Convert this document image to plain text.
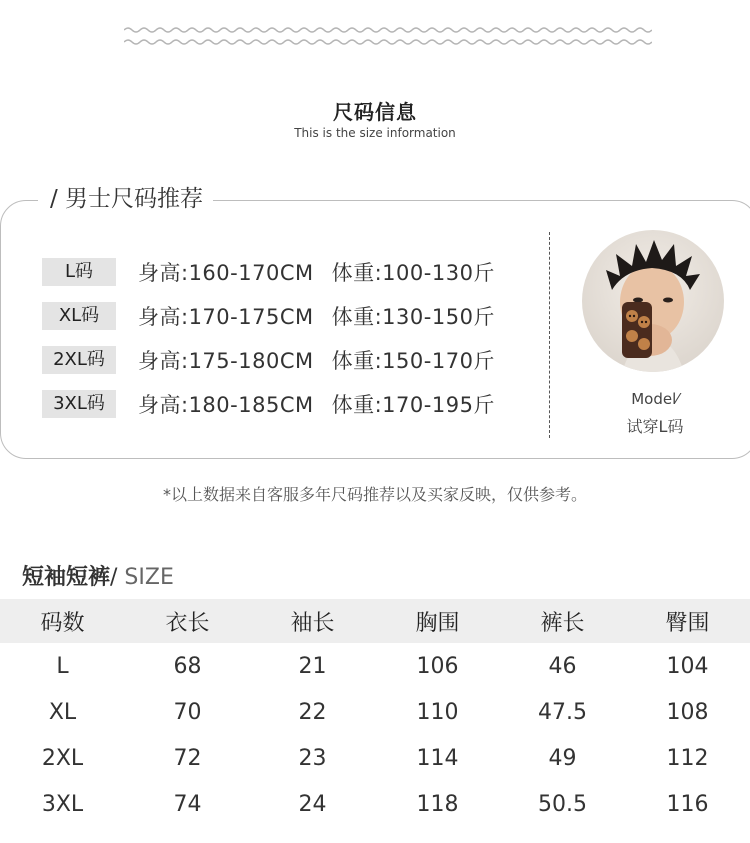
尺码信息
This is the size information
/ 男士尺码推荐
L码	身高:160-170CM 体重:100-130斤
XL码	身高:170-175CM 体重:130-150斤
2XL码	身高:175-180CM 体重:150-170斤
3XL码	身高:180-185CM 体重:170-195斤	Model⁄
试穿L码
*以上数据来自客服多年尺码推荐以及买家反映，仅供参考。
短袖短裤/ SIZE
码数	衣长	袖长	胸围	裤长	臀围
L	68	21	106	46	104
XL	70	22	110	47.5	108
2XL	72	23	114	49	112
3XL	74	24	118	50.5	116
